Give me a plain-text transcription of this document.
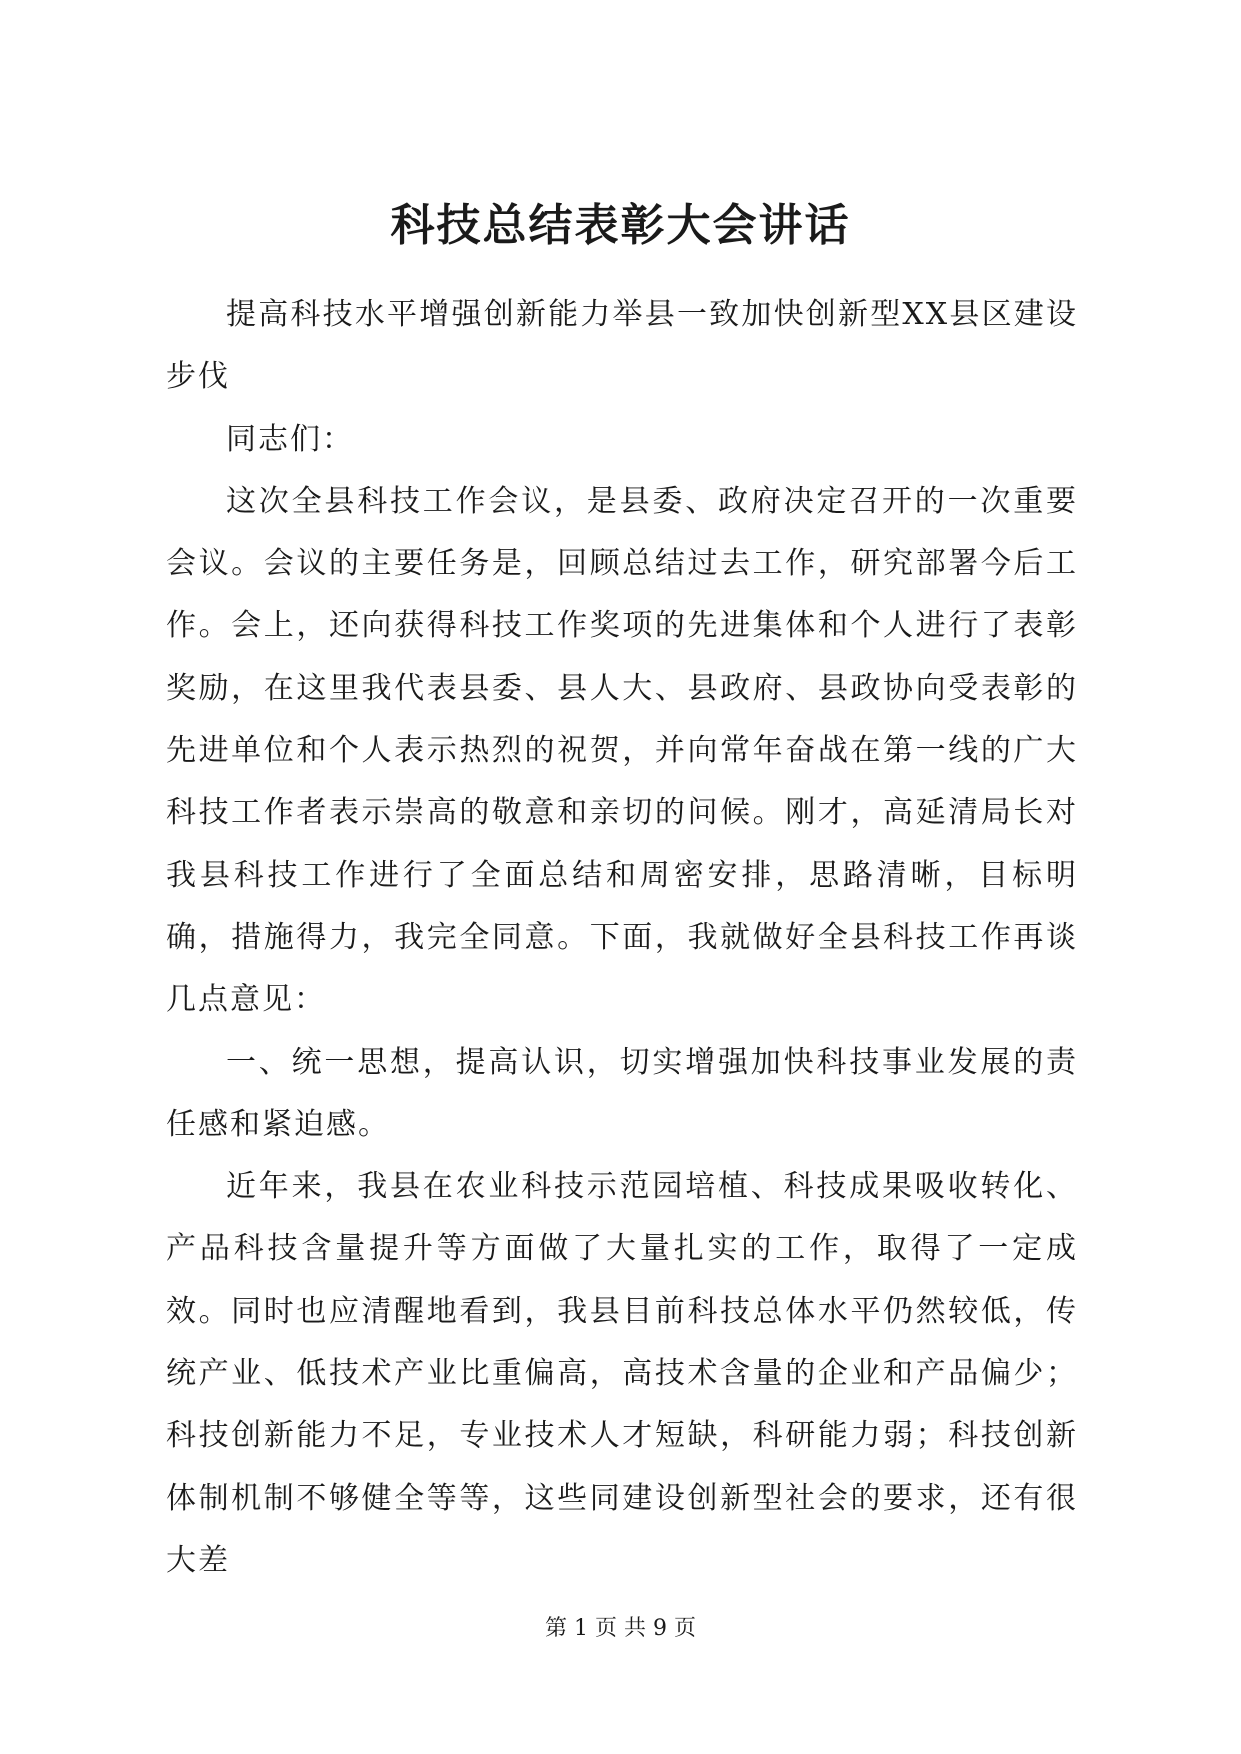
科技总结表彰大会讲话

提高科技水平增强创新能力举县一致加快创新型XX县区建设步伐

同志们：

这次全县科技工作会议，是县委、政府决定召开的一次重要会议。会议的主要任务是，回顾总结过去工作，研究部署今后工作。会上，还向获得科技工作奖项的先进集体和个人进行了表彰奖励，在这里我代表县委、县人大、县政府、县政协向受表彰的先进单位和个人表示热烈的祝贺，并向常年奋战在第一线的广大科技工作者表示崇高的敬意和亲切的问候。刚才，高延清局长对我县科技工作进行了全面总结和周密安排，思路清晰，目标明确，措施得力，我完全同意。下面，我就做好全县科技工作再谈几点意见：

一、统一思想，提高认识，切实增强加快科技事业发展的责任感和紧迫感。

近年来，我县在农业科技示范园培植、科技成果吸收转化、产品科技含量提升等方面做了大量扎实的工作，取得了一定成效。同时也应清醒地看到，我县目前科技总体水平仍然较低，传统产业、低技术产业比重偏高，高技术含量的企业和产品偏少；科技创新能力不足，专业技术人才短缺，科研能力弱；科技创新体制机制不够健全等等，这些同建设创新型社会的要求，还有很大差

第 1 页 共 9 页
